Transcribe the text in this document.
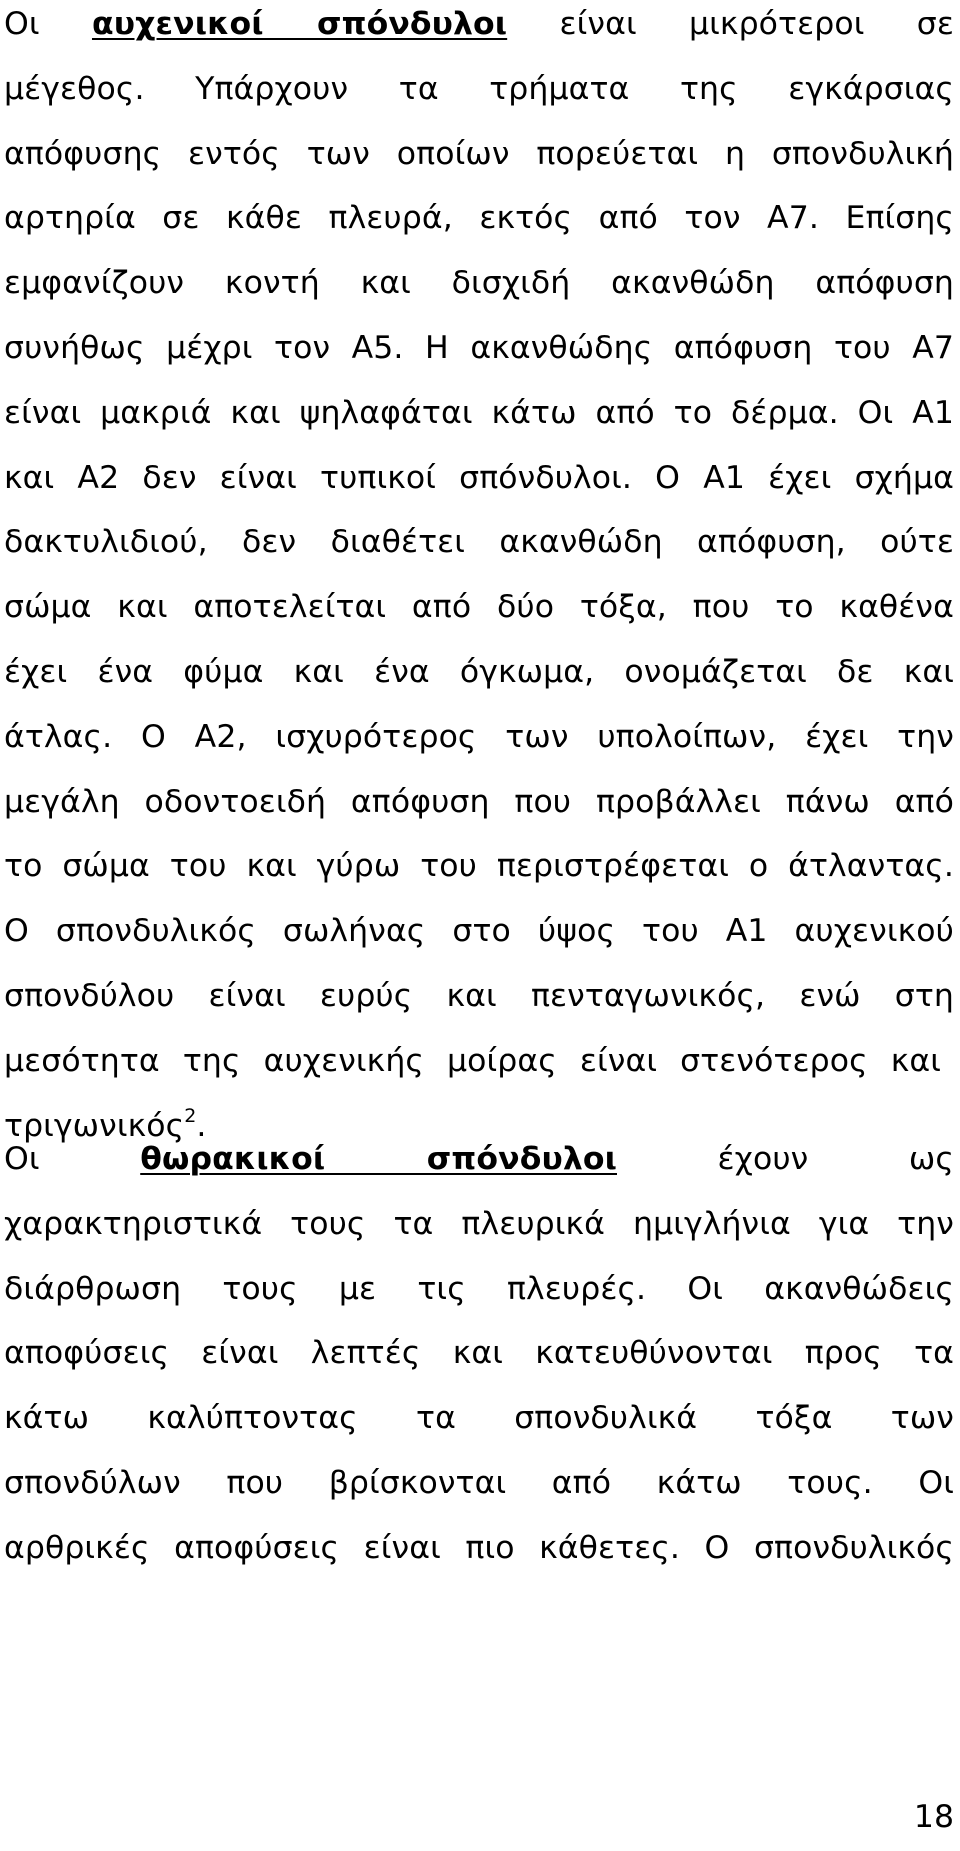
Οι αυχενικοί σπόνδυλοι είναι μικρότεροι σε
μέγεθος. Υπάρχουν τα τρήματα της εγκάρσιας
απόφυσης εντός των οποίων πορεύεται η σπονδυλική
αρτηρία σε κάθε πλευρά, εκτός από τον Α7. Επίσης
εμφανίζουν κοντή και δισχιδή ακανθώδη απόφυση
συνήθως μέχρι τον Α5. Η ακανθώδης απόφυση του Α7
είναι μακριά και ψηλαφάται κάτω από το δέρμα. Οι Α1
και Α2 δεν είναι τυπικοί σπόνδυλοι. Ο Α1 έχει σχήμα
δακτυλιδιού, δεν διαθέτει ακανθώδη απόφυση, ούτε
σώμα και αποτελείται από δύο τόξα, που το καθένα
έχει ένα φύμα και ένα όγκωμα, ονομάζεται δε και
άτλας. Ο Α2, ισχυρότερος των υπολοίπων, έχει την
μεγάλη οδοντοειδή απόφυση που προβάλλει πάνω από
το σώμα του και γύρω του περιστρέφεται ο άτλαντας.
Ο σπονδυλικός σωλήνας στο ύψος του Α1 αυχενικού
σπονδύλου είναι ευρύς και πενταγωνικός, ενώ στη
μεσότητα της αυχενικής μοίρας είναι στενότερος και
τριγωνικός$^2$.
Οι θωρακικοί σπόνδυλοι έχουν ως
χαρακτηριστικά τους τα πλευρικά ημιγλήνια για την
διάρθρωση τους με τις πλευρές. Οι ακανθώδεις
αποφύσεις είναι λεπτές και κατευθύνονται προς τα
κάτω καλύπτοντας τα σπονδυλικά τόξα των
σπονδύλων που βρίσκονται από κάτω τους. Οι
αρθρικές αποφύσεις είναι πιο κάθετες. Ο σπονδυλικός
18
